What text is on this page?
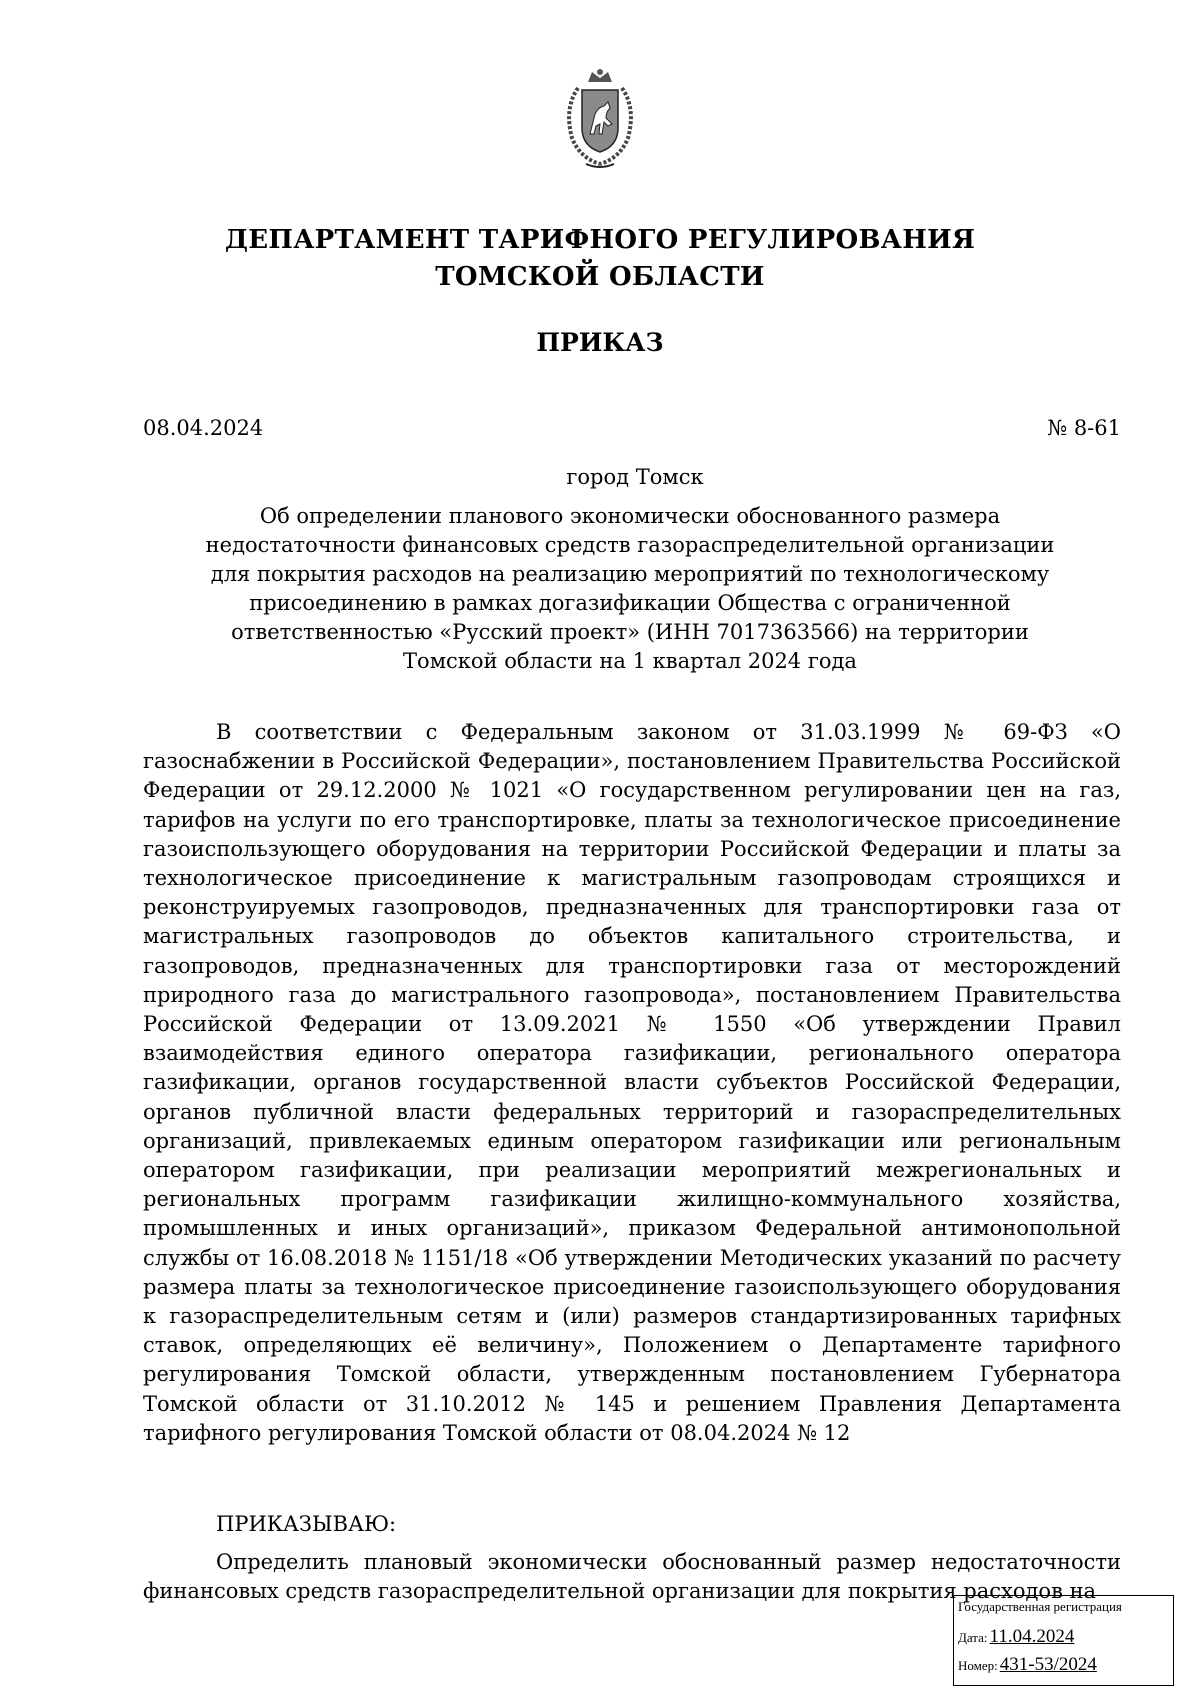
ДЕПАРТАМЕНТ ТАРИФНОГО РЕГУЛИРОВАНИЯ
ТОМСКОЙ ОБЛАСТИ
ПРИКАЗ
08.04.2024	№ 8-61
город Томск
Об определении планового экономически обоснованного размера
недостаточности финансовых средств газораспределительной организации
для покрытия расходов на реализацию мероприятий по технологическому
присоединению в рамках догазификации Общества с ограниченной
ответственностью «Русский проект» (ИНН 7017363566) на территории
Томской области на 1 квартал 2024 года

В соответствии с Федеральным законом от 31.03.1999 № 69-ФЗ «О газоснабжении в Российской Федерации», постановлением Правительства Российской Федерации от 29.12.2000 № 1021 «О государственном регулировании цен на газ, тарифов на услуги по его транспортировке, платы за технологическое присоединение газоиспользующего оборудования на территории Российской Федерации и платы за технологическое присоединение к магистральным газопроводам строящихся и реконструируемых газопроводов, предназначенных для транспортировки газа от магистральных газопроводов до объектов капитального строительства, и газопроводов, предназначенных для транспортировки газа от месторождений природного газа до магистрального газопровода», постановлением Правительства Российской Федерации от 13.09.2021 № 1550 «Об утверждении Правил взаимодействия единого оператора газификации, регионального оператора газификации, органов государственной власти субъектов Российской Федерации, органов публичной власти федеральных территорий и газораспределительных организаций, привлекаемых единым оператором газификации или региональным оператором газификации, при реализации мероприятий межрегиональных и региональных программ газификации жилищно-коммунального хозяйства, промышленных и иных организаций», приказом Федеральной антимонопольной службы от 16.08.2018 № 1151/18 «Об утверждении Методических указаний по расчету размера платы за технологическое присоединение газоиспользующего оборудования к газораспределительным сетям и (или) размеров стандартизированных тарифных ставок, определяющих её величину», Положением о Департаменте тарифного регулирования Томской области, утвержденным постановлением Губернатора Томской области от 31.10.2012 № 145 и решением Правления Департамента тарифного регулирования Томской области от 08.04.2024 № 12

ПРИКАЗЫВАЮ:

Определить плановый экономически обоснованный размер недостаточности финансовых средств газораспределительной организации для покрытия расходов на

Государственная регистрация
Дата: 11.04.2024
Номер: 431-53/2024
